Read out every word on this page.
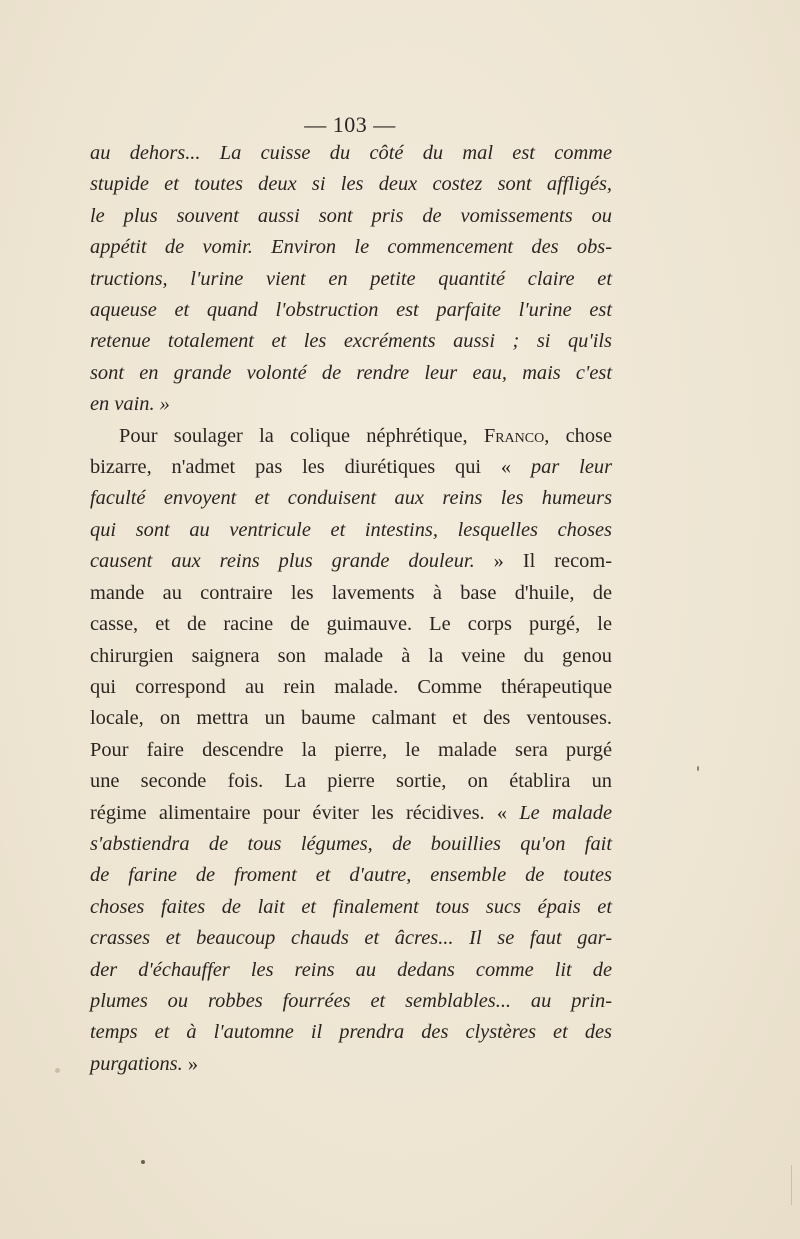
— 103 —
au dehors... La cuisse du côté du mal est comme
stupide et toutes deux si les deux costez sont affligés,
le plus souvent aussi sont pris de vomissements ou
appétit de vomir. Environ le commencement des obs-
tructions, l'urine vient en petite quantité claire et
aqueuse et quand l'obstruction est parfaite l'urine est
retenue totalement et les excréments aussi ; si qu'ils
sont en grande volonté de rendre leur eau, mais c'est
en vain. »
Pour soulager la colique néphrétique, Franco, chose
bizarre, n'admet pas les diurétiques qui « par leur
faculté envoyent et conduisent aux reins les humeurs
qui sont au ventricule et intestins, lesquelles choses
causent aux reins plus grande douleur. » Il recom-
mande au contraire les lavements à base d'huile, de
casse, et de racine de guimauve. Le corps purgé, le
chirurgien saignera son malade à la veine du genou
qui correspond au rein malade. Comme thérapeutique
locale, on mettra un baume calmant et des ventouses.
Pour faire descendre la pierre, le malade sera purgé
une seconde fois. La pierre sortie, on établira un
régime alimentaire pour éviter les récidives. « Le malade
s'abstiendra de tous légumes, de bouillies qu'on fait
de farine de froment et d'autre, ensemble de toutes
choses faites de lait et finalement tous sucs épais et
crasses et beaucoup chauds et âcres... Il se faut gar-
der d'échauffer les reins au dedans comme lit de
plumes ou robbes fourrées et semblables... au prin-
temps et à l'automne il prendra des clystères et des
purgations. »
